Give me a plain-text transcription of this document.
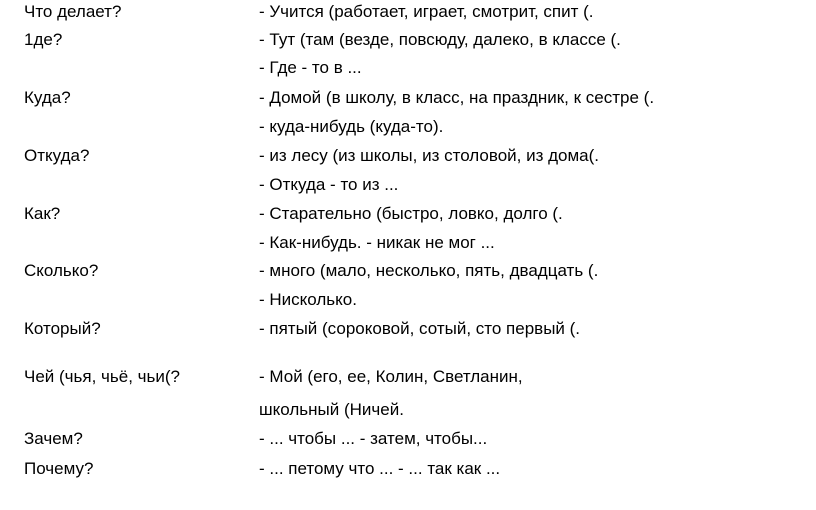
Что делает?	- Учится (работает, играет, смотрит, спит (.
1де?	- Тут (там (везде, повсюду, далеко, в классе (.
- Где - то в ...
Куда?	- Домой (в школу, в класс, на праздник, к сестре (.
- куда-нибудь (куда-то).
Откуда?	- из лесу (из школы, из столовой, из дома(.
- Откуда - то из ...
Как?	- Старательно (быстро, ловко, долго (.
- Как-нибудь. - никак не мог ...
Сколько?	- много (мало, несколько, пять, двадцать (.
- Нисколько.
Который?	- пятый (сороковой, сотый, сто первый (.
Чей (чья, чьё, чьи(?	- Мой (его, ее, Колин, Светланин,
школьный (Ничей.
Зачем?	- ... чтобы ... - затем, чтобы...
Почему?	- ... петому что ... - ... так как ...
